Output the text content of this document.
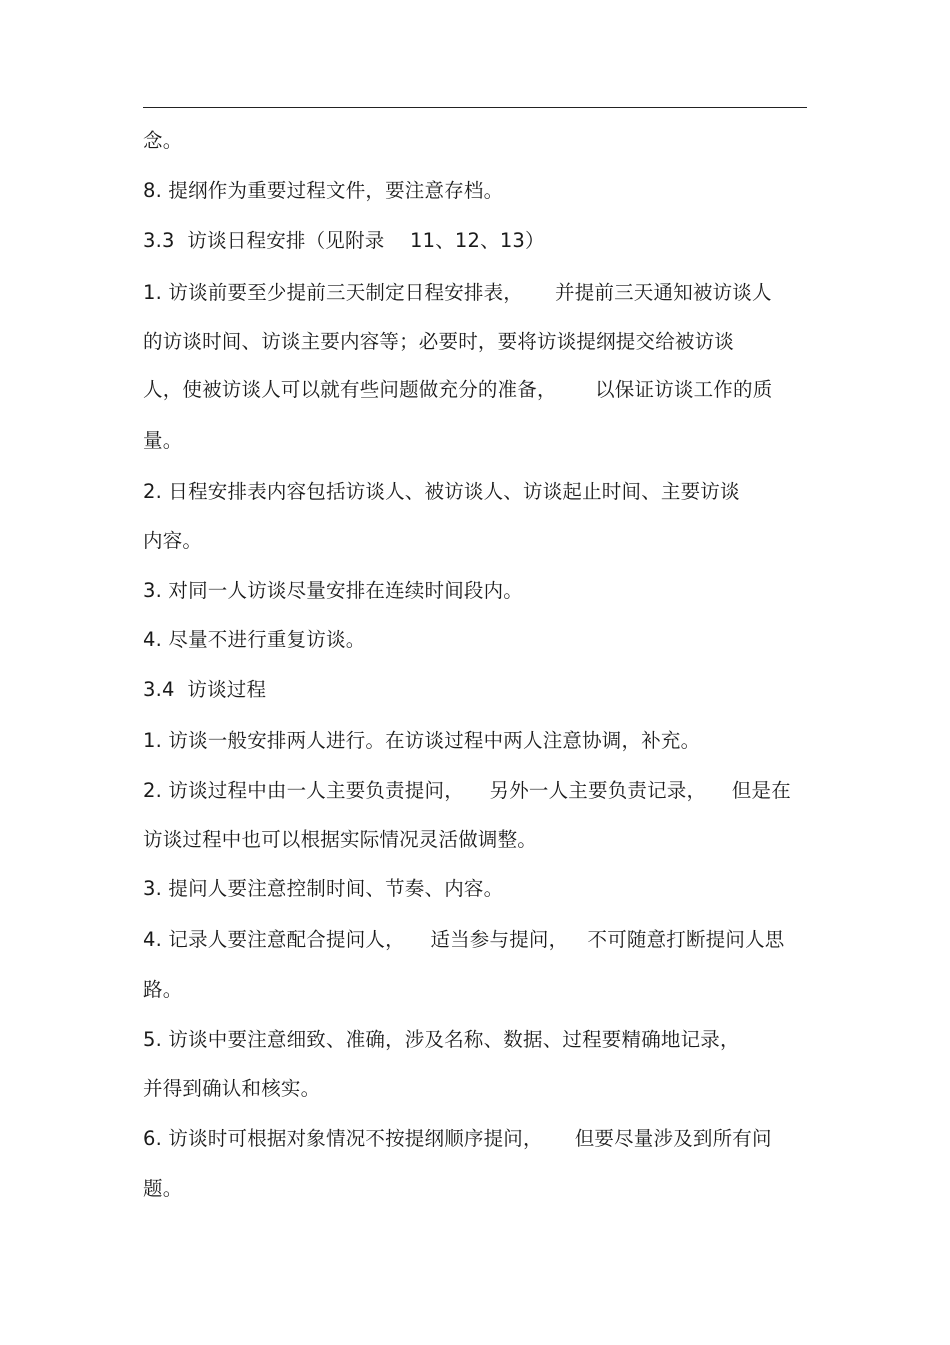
念。
8. 提纲作为重要过程文件，要注意存档。
3.3  访谈日程安排（见附录    11、12、13）
1. 访谈前要至少提前三天制定日程安排表，     并提前三天通知被访谈人
的访谈时间、访谈主要内容等；必要时，要将访谈提纲提交给被访谈
人，使被访谈人可以就有些问题做充分的准备，      以保证访谈工作的质
量。
2. 日程安排表内容包括访谈人、被访谈人、访谈起止时间、主要访谈
内容。
3. 对同一人访谈尽量安排在连续时间段内。
4. 尽量不进行重复访谈。
3.4  访谈过程
1. 访谈一般安排两人进行。在访谈过程中两人注意协调，补充。
2. 访谈过程中由一人主要负责提问，    另外一人主要负责记录，    但是在
访谈过程中也可以根据实际情况灵活做调整。
3. 提问人要注意控制时间、节奏、内容。
4. 记录人要注意配合提问人，    适当参与提问，   不可随意打断提问人思
路。
5. 访谈中要注意细致、准确，涉及名称、数据、过程要精确地记录，
并得到确认和核实。
6. 访谈时可根据对象情况不按提纲顺序提问，     但要尽量涉及到所有问
题。
